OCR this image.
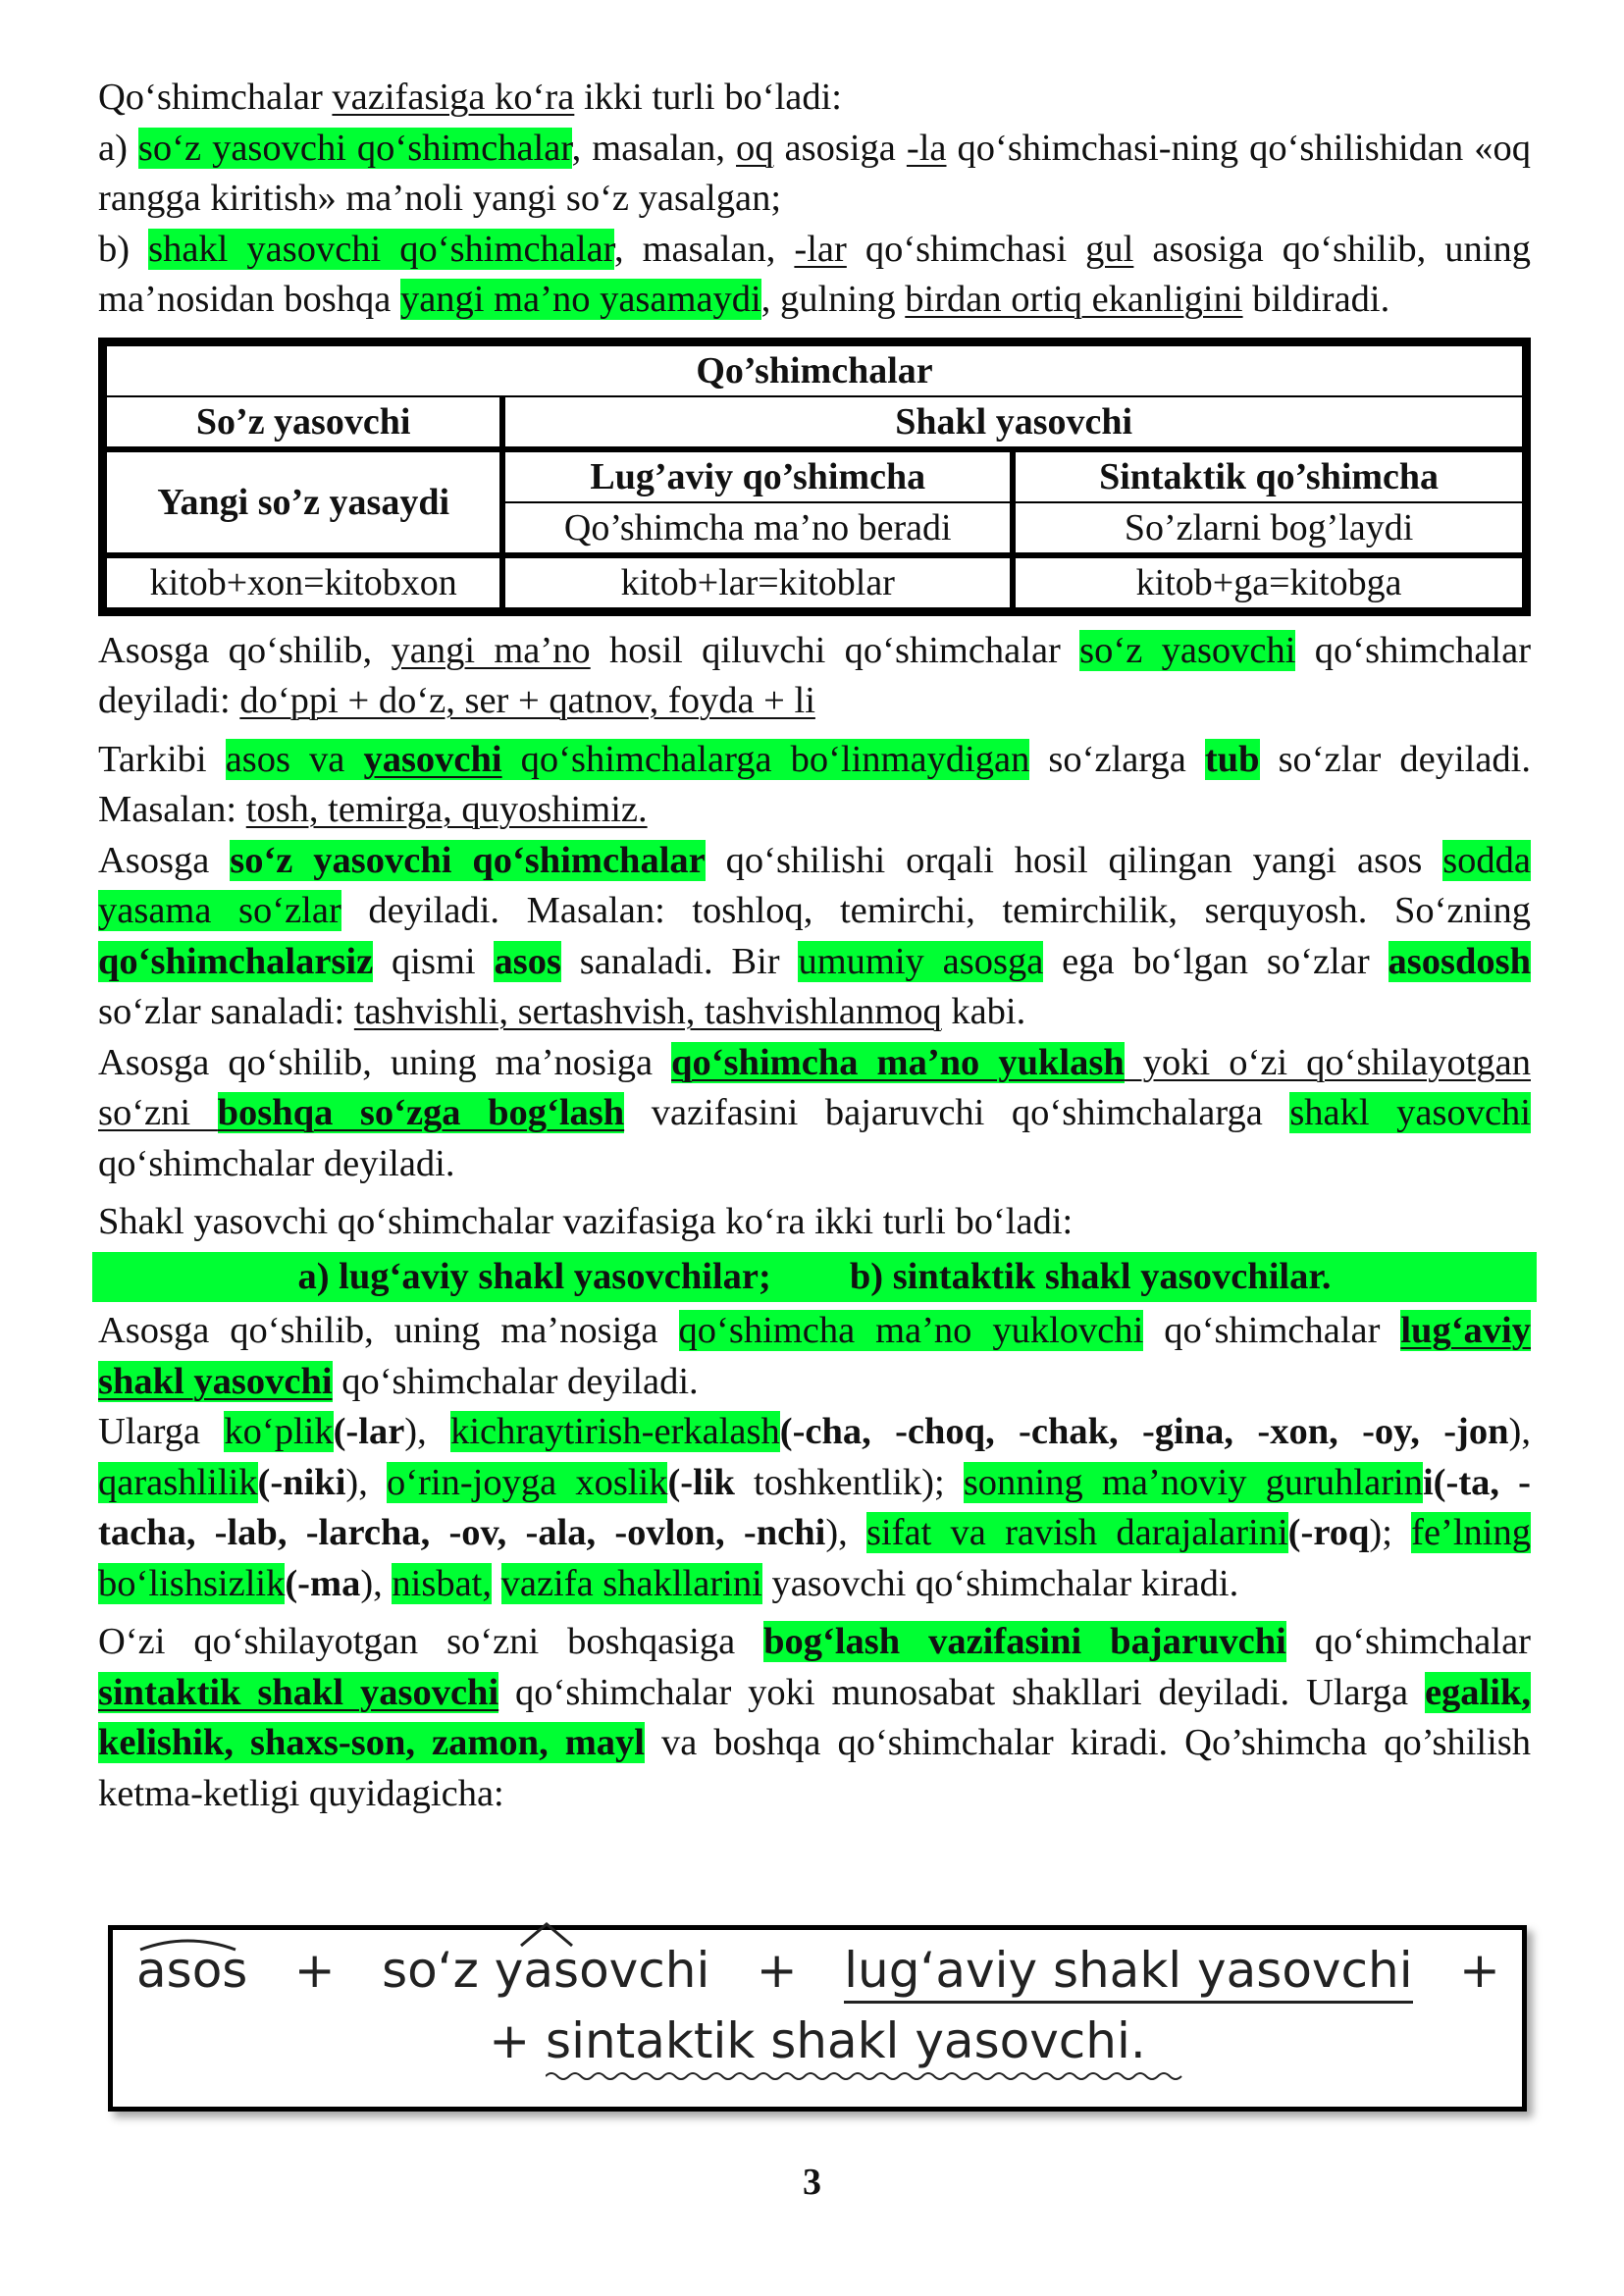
Qo‘shimchalar vazifasiga ko‘ra ikki turli bo‘ladi:
a) so‘z yasovchi qo‘shimchalar, masalan, oq asosiga -la qo‘shimchasi-ning qo‘shilishidan «oq rangga kiritish» ma’noli yangi so‘z yasalgan;
b) shakl yasovchi qo‘shimchalar, masalan, -lar qo‘shimchasi gul asosiga qo‘shilib, uning ma’nosidan boshqa yangi ma’no yasamaydi, gulning birdan ortiq ekanligini bildiradi.

Qo’shimchalar		
So’z yasovchi	Shakl yasovchi	
Yangi so’z yasaydi	Lug’aviy qo’shimcha	Sintaktik qo’shimcha
	Qo’shimcha ma’no beradi	So’zlarni bog’laydi
kitob+xon=kitobxon	kitob+lar=kitoblar	kitob+ga=kitobga

Asosga qo‘shilib, yangi ma’no hosil qiluvchi qo‘shimchalar so‘z yasovchi qo‘shimchalar deyiladi: do‘ppi + do‘z, ser + qatnov, foyda + li

Tarkibi asos va yasovchi qo‘shimchalarga bo‘linmaydigan so‘zlarga tub so‘zlar deyiladi. Masalan: tosh, temirga, quyoshimiz.

Asosga so‘z yasovchi qo‘shimchalar qo‘shilishi orqali hosil qilingan yangi asos sodda yasama so‘zlar deyiladi. Masalan: toshloq, temirchi, temirchilik, serquyosh. So‘zning qo‘shimchalarsiz qismi asos sanaladi. Bir umumiy asosga ega bo‘lgan so‘zlar asosdosh so‘zlar sanaladi: tashvishli, sertashvish, tashvishlanmoq kabi.

Asosga qo‘shilib, uning ma’nosiga qo‘shimcha ma’no yuklash yoki o‘zi qo‘shilayotgan so‘zni boshqa so‘zga bog‘lash vazifasini bajaruvchi qo‘shimchalarga shakl yasovchi qo‘shimchalar deyiladi.

Shakl yasovchi qo‘shimchalar vazifasiga ko‘ra ikki turli bo‘ladi:

a) lug‘aviy shakl yasovchilar; b) sintaktik shakl yasovchilar.

Asosga qo‘shilib, uning ma’nosiga qo‘shimcha ma’no yuklovchi qo‘shimchalar lug‘aviy shakl yasovchi qo‘shimchalar deyiladi.

Ularga ko‘plik(-lar), kichraytirish-erkalash(-cha, -choq, -chak, -gina, -xon, -oy, -jon), qarashlilik(-niki), o‘rin-joyga xoslik(-lik toshkentlik); sonning ma’noviy guruhlarini(-ta, -tacha, -lab, -larcha, -ov, -ala, -ovlon, -nchi), sifat va ravish darajalarini(-roq); fe’lning bo‘lishsizlik(-ma), nisbat, vazifa shakllarini yasovchi qo‘shimchalar kiradi.

O‘zi qo‘shilayotgan so‘zni boshqasiga bog‘lash vazifasini bajaruvchi qo‘shimchalar sintaktik shakl yasovchi qo‘shimchalar yoki munosabat shakllari deyiladi. Ularga egalik, kelishik, shaxs-son, zamon, mayl va boshqa qo‘shimchalar kiradi. Qo’shimcha qo’shilish ketma-ketligi quyidagicha:

asos + so‘z yasovchi + lug‘aviy shakl yasovchi +
+ sintaktik shakl yasovchi.
3
